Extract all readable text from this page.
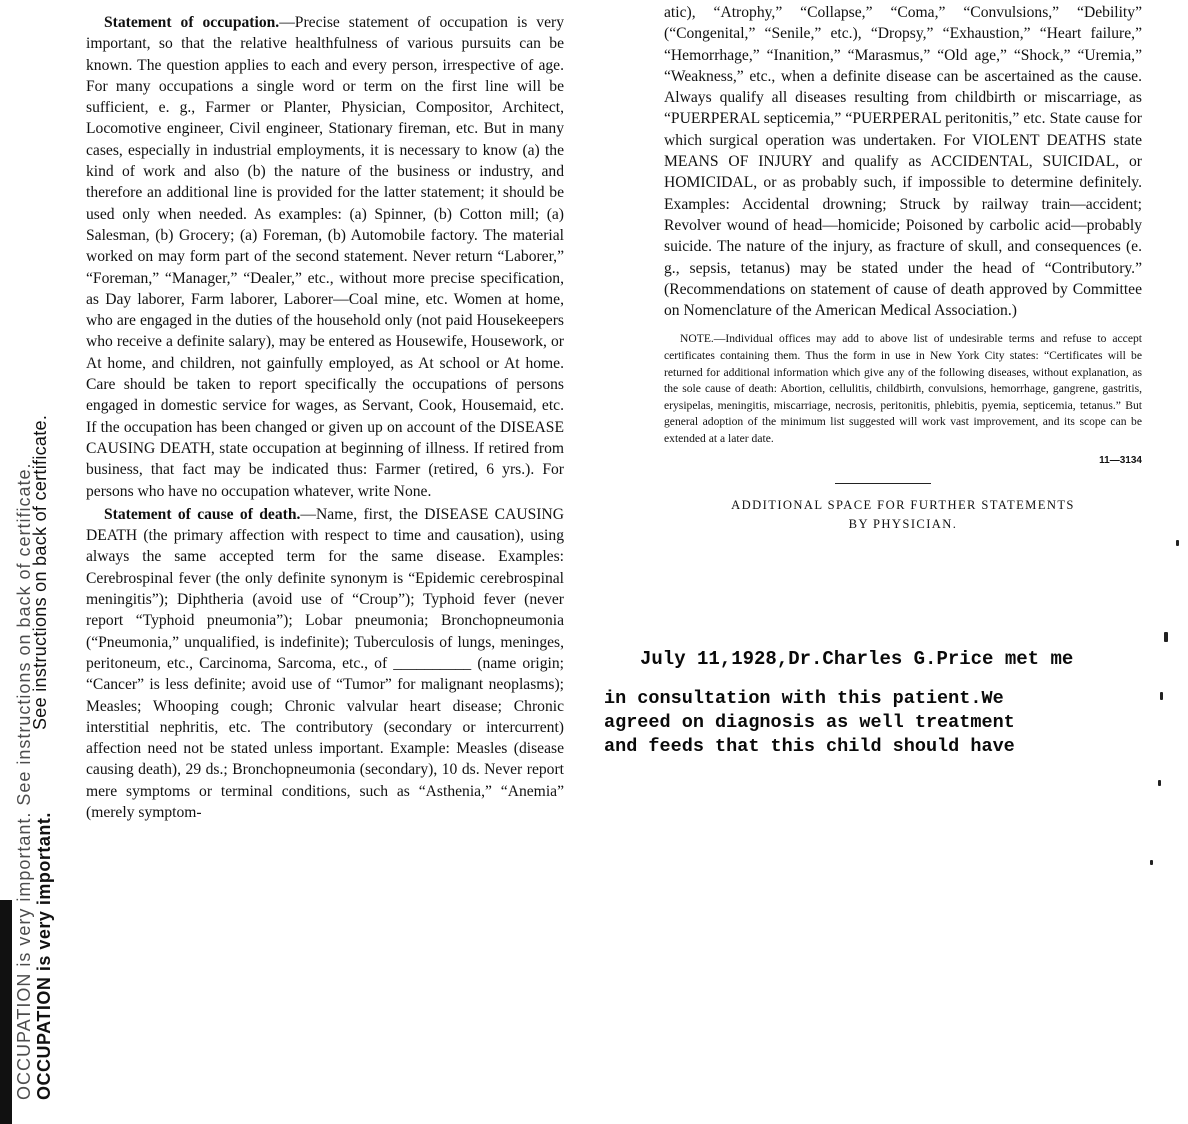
OCCUPATION is very important. See instructions on back of certificate. OCCUPATION is very important.
See instructions on back of certificate.

Statement of occupation.—Precise statement of occupation is very important, so that the relative healthfulness of various pursuits can be known. The question applies to each and every person, irrespective of age. For many occupations a single word or term on the first line will be sufficient, e. g., Farmer or Planter, Physician, Compositor, Architect, Locomotive engineer, Civil engineer, Stationary fireman, etc. But in many cases, especially in industrial employments, it is necessary to know (a) the kind of work and also (b) the nature of the business or industry, and therefore an additional line is provided for the latter statement; it should be used only when needed. As examples: (a) Spinner, (b) Cotton mill; (a) Salesman, (b) Grocery; (a) Foreman, (b) Automobile factory. The material worked on may form part of the second statement. Never return “Laborer,” “Foreman,” “Manager,” “Dealer,” etc., without more precise specification, as Day laborer, Farm laborer, Laborer—Coal mine, etc. Women at home, who are engaged in the duties of the household only (not paid Housekeepers who receive a definite salary), may be entered as Housewife, Housework, or At home, and children, not gainfully employed, as At school or At home. Care should be taken to report specifically the occupations of persons engaged in domestic service for wages, as Servant, Cook, Housemaid, etc. If the occupation has been changed or given up on account of the DISEASE CAUSING DEATH, state occupation at beginning of illness. If retired from business, that fact may be indicated thus: Farmer (retired, 6 yrs.). For persons who have no occupation whatever, write None.

Statement of cause of death.—Name, first, the DISEASE CAUSING DEATH (the primary affection with respect to time and causation), using always the same accepted term for the same disease. Examples: Cerebrospinal fever (the only definite synonym is “Epidemic cerebrospinal meningitis”); Diphtheria (avoid use of “Croup”); Typhoid fever (never report “Typhoid pneumonia”); Lobar pneumonia; Bronchopneumonia (“Pneumonia,” unqualified, is indefinite); Tuberculosis of lungs, meninges, peritoneum, etc., Carcinoma, Sarcoma, etc., of __________ (name origin; “Cancer” is less definite; avoid use of “Tumor” for malignant neoplasms); Measles; Whooping cough; Chronic valvular heart disease; Chronic interstitial nephritis, etc. The contributory (secondary or intercurrent) affection need not be stated unless important. Example: Measles (disease causing death), 29 ds.; Bronchopneumonia (secondary), 10 ds. Never report mere symptoms or terminal conditions, such as “Asthenia,” “Anemia” (merely symptom-

atic), “Atrophy,” “Collapse,” “Coma,” “Convulsions,” “Debility” (“Congenital,” “Senile,” etc.), “Dropsy,” “Exhaustion,” “Heart failure,” “Hemorrhage,” “Inanition,” “Marasmus,” “Old age,” “Shock,” “Uremia,” “Weakness,” etc., when a definite disease can be ascertained as the cause. Always qualify all diseases resulting from childbirth or miscarriage, as “PUERPERAL septicemia,” “PUERPERAL peritonitis,” etc. State cause for which surgical operation was undertaken. For VIOLENT DEATHS state MEANS OF INJURY and qualify as ACCIDENTAL, SUICIDAL, or HOMICIDAL, or as probably such, if impossible to determine definitely. Examples: Accidental drowning; Struck by railway train—accident; Revolver wound of head—homicide; Poisoned by carbolic acid—probably suicide. The nature of the injury, as fracture of skull, and consequences (e. g., sepsis, tetanus) may be stated under the head of “Contributory.” (Recommendations on statement of cause of death approved by Committee on Nomenclature of the American Medical Association.)

NOTE.—Individual offices may add to above list of undesirable terms and refuse to accept certificates containing them. Thus the form in use in New York City states: “Certificates will be returned for additional information which give any of the following diseases, without explanation, as the sole cause of death: Abortion, cellulitis, childbirth, convulsions, hemorrhage, gangrene, gastritis, erysipelas, meningitis, miscarriage, necrosis, peritonitis, phlebitis, pyemia, septicemia, tetanus.” But general adoption of the minimum list suggested will work vast improvement, and its scope can be extended at a later date.

11—3134
ADDITIONAL SPACE FOR FURTHER STATEMENTS
BY PHYSICIAN.
July 11,1928,Dr.Charles G.Price met me
in consultation with this patient.We
agreed on diagnosis as well treatment
and feeds that this child should have
